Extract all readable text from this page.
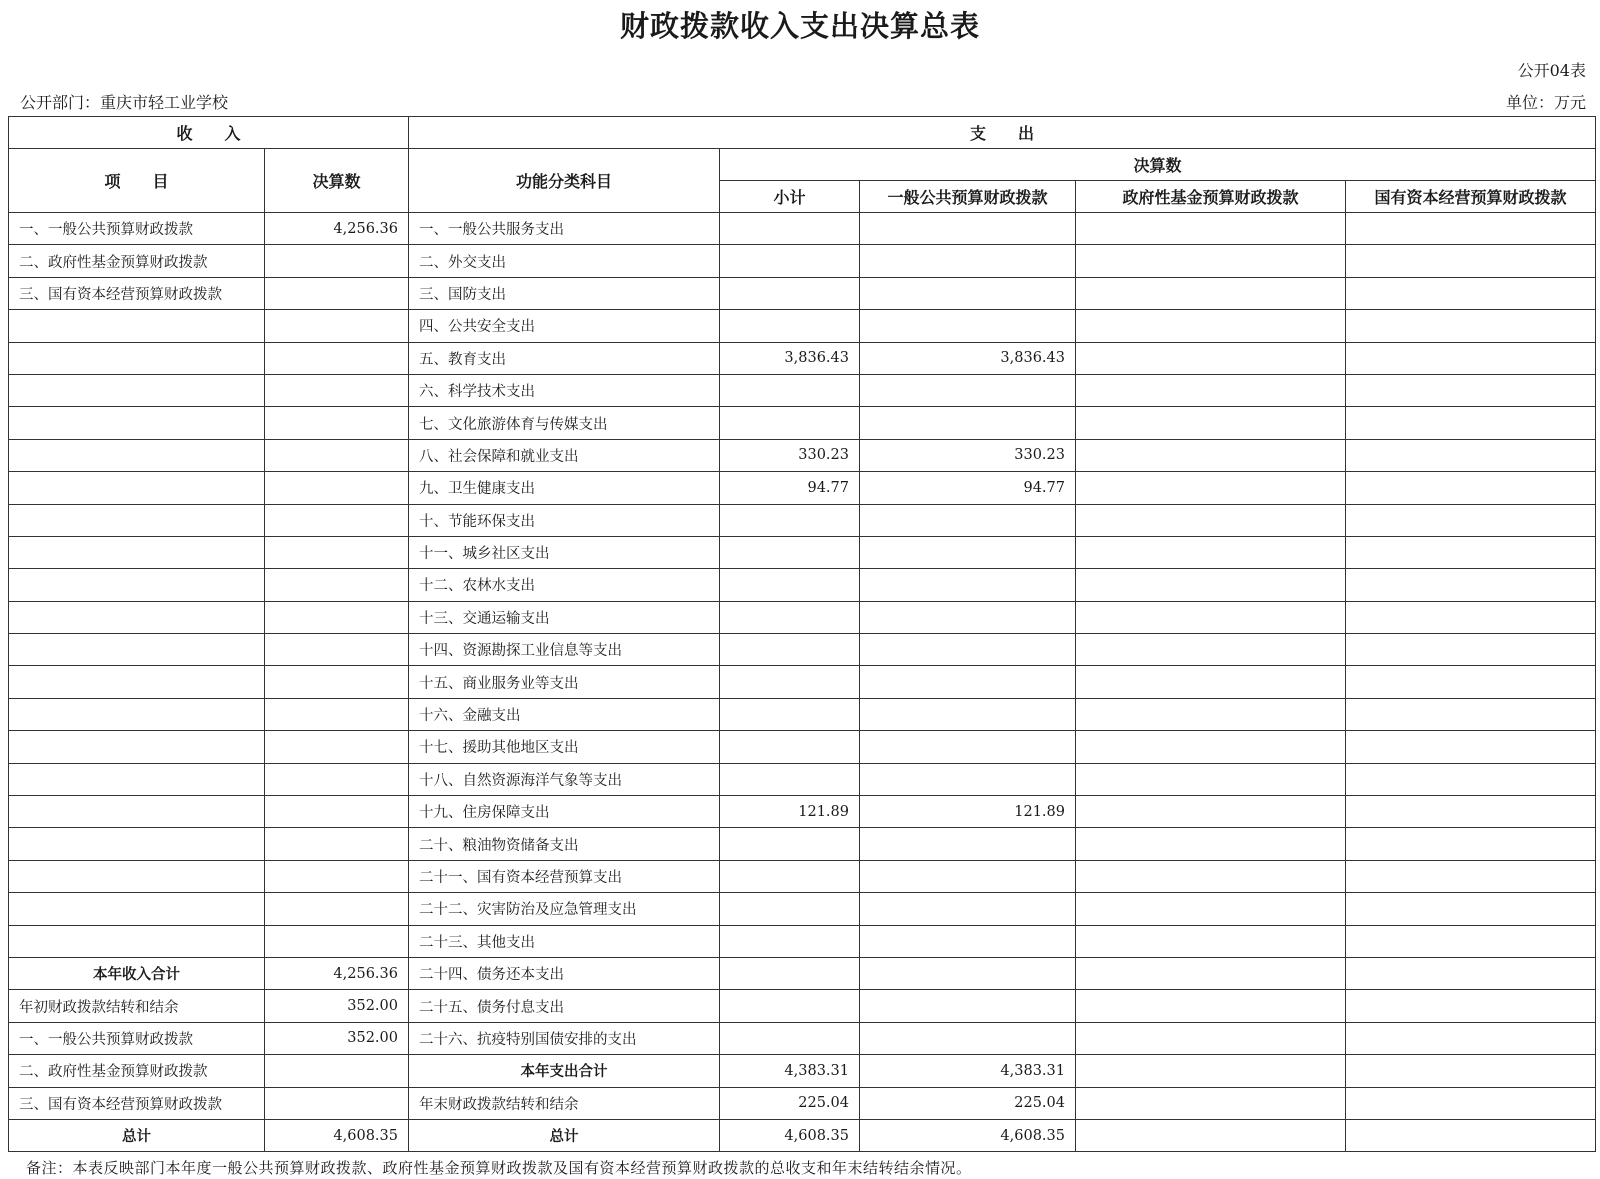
财政拨款收入支出决算总表
公开04表
公开部门：重庆市轻工业学校	单位：万元
收　　入		支　　出				
项　　目	决算数	功能分类科目	决算数			
			小计	一般公共预算财政拨款	政府性基金预算财政拨款	国有资本经营预算财政拨款
一、一般公共预算财政拨款	4,256.36	一、一般公共服务支出				
二、政府性基金预算财政拨款		二、外交支出				
三、国有资本经营预算财政拨款		三、国防支出				
		四、公共安全支出				
		五、教育支出	3,836.43	3,836.43		
		六、科学技术支出				
		七、文化旅游体育与传媒支出				
		八、社会保障和就业支出	330.23	330.23		
		九、卫生健康支出	94.77	94.77		
		十、节能环保支出				
		十一、城乡社区支出				
		十二、农林水支出				
		十三、交通运输支出				
		十四、资源勘探工业信息等支出				
		十五、商业服务业等支出				
		十六、金融支出				
		十七、援助其他地区支出				
		十八、自然资源海洋气象等支出				
		十九、住房保障支出	121.89	121.89		
		二十、粮油物资储备支出				
		二十一、国有资本经营预算支出				
		二十二、灾害防治及应急管理支出				
		二十三、其他支出				
本年收入合计	4,256.36	二十四、债务还本支出				
年初财政拨款结转和结余	352.00	二十五、债务付息支出				
一、一般公共预算财政拨款	352.00	二十六、抗疫特别国债安排的支出				
二、政府性基金预算财政拨款		本年支出合计	4,383.31	4,383.31		
三、国有资本经营预算财政拨款		年末财政拨款结转和结余	225.04	225.04		
总计	4,608.35	总计	4,608.35	4,608.35		
备注：本表反映部门本年度一般公共预算财政拨款、政府性基金预算财政拨款及国有资本经营预算财政拨款的总收支和年末结转结余情况。
